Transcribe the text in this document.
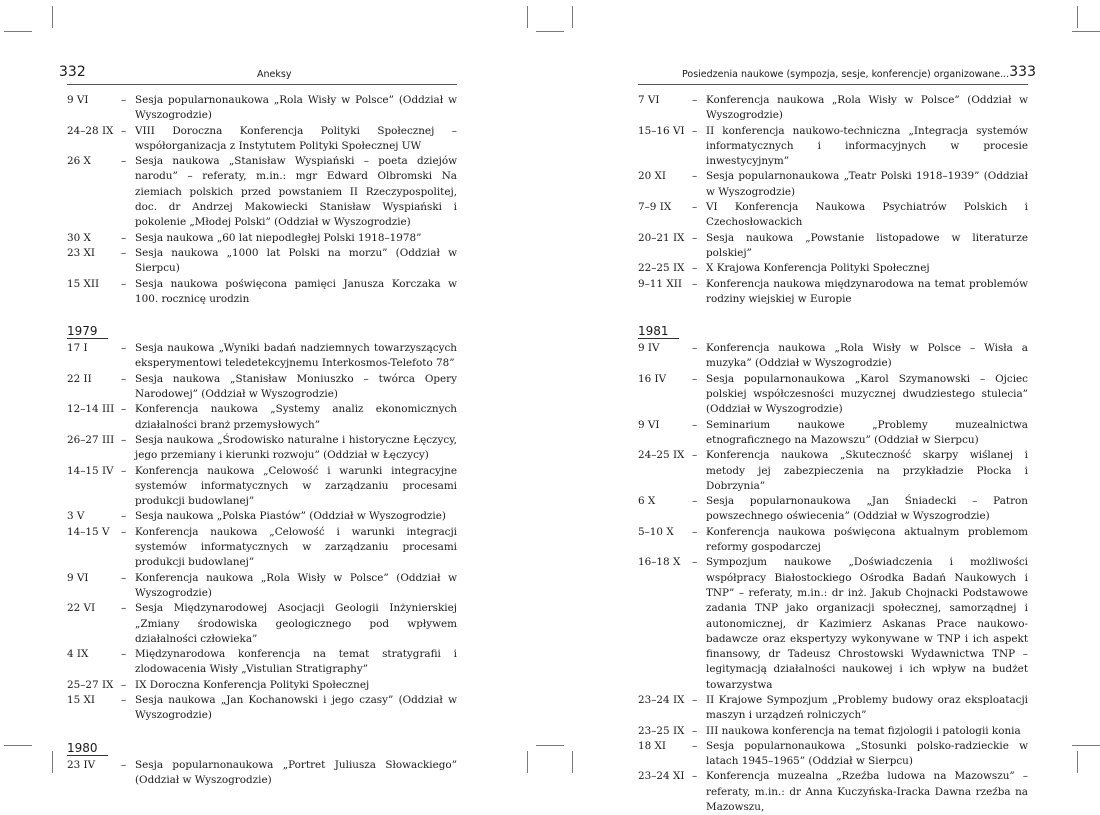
332	Aneksy
9 VI	– Sesja popularnonaukowa „Rola Wisły w Polsce” (Oddział w Wyszogrodzie)
24–28 IX – VIII Doroczna Konferencja Polityki Społecznej – współorganizacja z Instytutem Polityki Społecznej UW
26 X	– Sesja naukowa „Stanisław Wyspiański – poeta dziejów narodu” – referaty, m.in.: mgr Edward Olbromski Na ziemiach polskich przed powstaniem II Rzeczypospolitej, doc. dr Andrzej Makowiecki Stanisław Wyspiański i pokolenie „Młodej Polski” (Oddział w Wyszogrodzie)
30 X	– Sesja naukowa „60 lat niepodległej Polski 1918–1978”
23 XI	– Sesja naukowa „1000 lat Polski na morzu” (Oddział w Sierpcu)
15 XII	– Sesja naukowa poświęcona pamięci Janusza Korczaka w 100. rocznicę urodzin
1979
17 I	– Sesja naukowa „Wyniki badań nadziemnych towarzyszących eksperymentowi teledetekcyjnemu Interkosmos-Telefoto 78”
22 II	– Sesja naukowa „Stanisław Moniuszko – twórca Opery Narodowej” (Oddział w Wyszogrodzie)
12–14 III – Konferencja naukowa „Systemy analiz ekonomicznych działalności branż przemysłowych”
26–27 III – Sesja naukowa „Środowisko naturalne i historyczne Łęczycy, jego przemiany i kierunki rozwoju” (Oddział w Łęczycy)
14–15 IV – Konferencja naukowa „Celowość i warunki integracyjne systemów informatycznych w zarządzaniu procesami produkcji budowlanej”
3 V	– Sesja naukowa „Polska Piastów” (Oddział w Wyszogrodzie)
14–15 V	– Konferencja naukowa „Celowość i warunki integracji systemów informatycznych w zarządzaniu procesami produkcji budowlanej”
9 VI	– Konferencja naukowa „Rola Wisły w Polsce” (Oddział w Wyszogrodzie)
22 VI	– Sesja Międzynarodowej Asocjacji Geologii Inżynierskiej „Zmiany środowiska geologicznego pod wpływem działalności człowieka”
4 IX	– Międzynarodowa konferencja na temat stratygrafii i zlodowacenia Wisły „Vistulian Stratigraphy”
25–27 IX – IX Doroczna Konferencja Polityki Społecznej
15 XI	– Sesja naukowa „Jan Kochanowski i jego czasy” (Oddział w Wyszogrodzie)
1980
23 IV	– Sesja popularnonaukowa „Portret Juliusza Słowackiego” (Oddział w Wyszogrodzie)
Posiedzenia naukowe (sympozja, sesje, konferencje) organizowane... 333
7 VI	– Konferencja naukowa „Rola Wisły w Polsce” (Oddział w Wyszogrodzie)
15–16 VI – II konferencja naukowo-techniczna „Integracja systemów informatycznych i informacyjnych w procesie inwestycyjnym”
20 XI	– Sesja popularnonaukowa „Teatr Polski 1918–1939” (Oddział w Wyszogrodzie)
7–9 IX	– VI Konferencja Naukowa Psychiatrów Polskich i Czechosłowackich
20–21 IX – Sesja naukowa „Powstanie listopadowe w literaturze polskiej”
22–25 IX – X Krajowa Konferencja Polityki Społecznej
9–11 XII – Konferencja naukowa międzynarodowa na temat problemów rodziny wiejskiej w Europie
1981
9 IV	– Konferencja naukowa „Rola Wisły w Polsce – Wisła a muzyka” (Oddział w Wyszogrodzie)
16 IV	– Sesja popularnonaukowa „Karol Szymanowski – Ojciec polskiej współczesności muzycznej dwudziestego stulecia” (Oddział w Wyszogrodzie)
9 VI	– Seminarium naukowe „Problemy muzealnictwa etnograficznego na Mazowszu” (Oddział w Sierpcu)
24–25 IX – Konferencja naukowa „Skuteczność skarpy wiślanej i metody jej zabezpieczenia na przykładzie Płocka i Dobrzynia”
6 X	– Sesja popularnonaukowa „Jan Śniadecki – Patron powszechnego oświecenia” (Oddział w Wyszogrodzie)
5–10 X	– Konferencja naukowa poświęcona aktualnym problemom reformy gospodarczej
16–18 X	– Sympozjum naukowe „Doświadczenia i możliwości współpracy Białostockiego Ośrodka Badań Naukowych i TNP” – referaty, m.in.: dr inż. Jakub Chojnacki Podstawowe zadania TNP jako organizacji społecznej, samorządnej i autonomicznej, dr Kazimierz Askanas Prace naukowo-badawcze oraz ekspertyzy wykonywane w TNP i ich aspekt finansowy, dr Tadeusz Chrostowski Wydawnictwa TNP – legitymacją działalności naukowej i ich wpływ na budżet towarzystwa
23–24 IX – II Krajowe Sympozjum „Problemy budowy oraz eksploatacji maszyn i urządzeń rolniczych”
23–25 IX – III naukowa konferencja na temat fizjologii i patologii konia
18 XI	– Sesja popularnonaukowa „Stosunki polsko-radzieckie w latach 1945–1965” (Oddział w Sierpcu)
23–24 XI – Konferencja muzealna „Rzeźba ludowa na Mazowszu” – referaty, m.in.: dr Anna Kuczyńska-Iracka Dawna rzeźba na Mazowszu,
